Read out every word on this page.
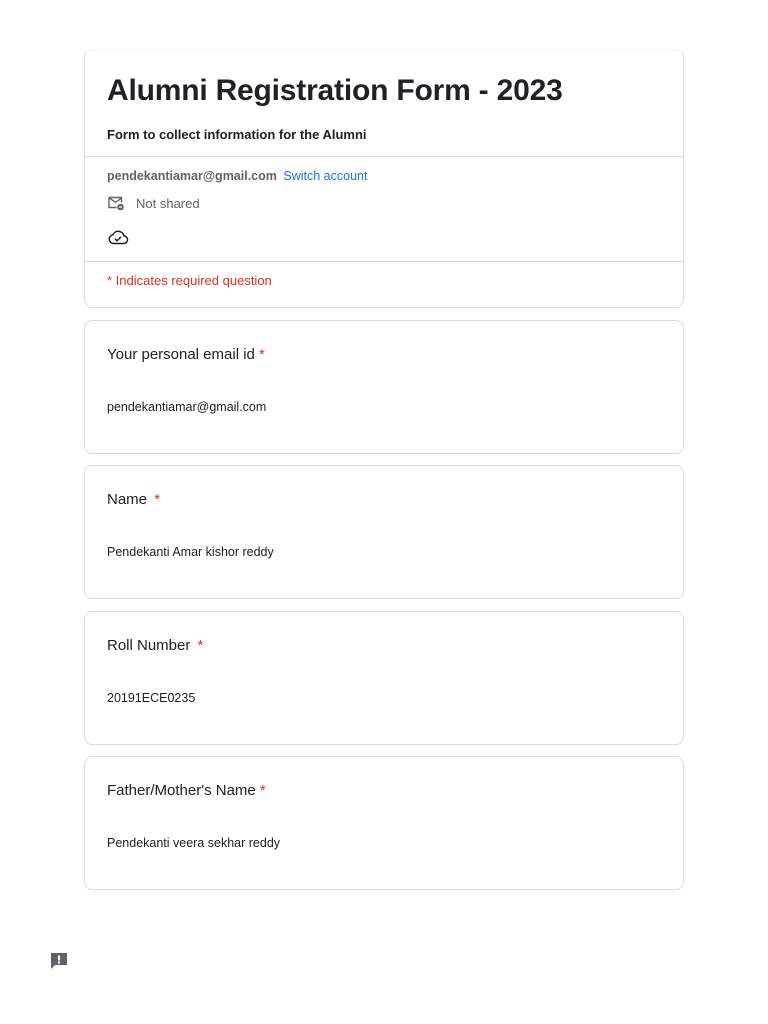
Alumni Registration Form - 2023
Form to collect information for the Alumni
pendekantiamar@gmail.com Switch account
Not shared
* Indicates required question
Your personal email id *
pendekantiamar@gmail.com
Name *
Pendekanti Amar kishor reddy
Roll Number *
20191ECE0235
Father/Mother's Name *
Pendekanti veera sekhar reddy
